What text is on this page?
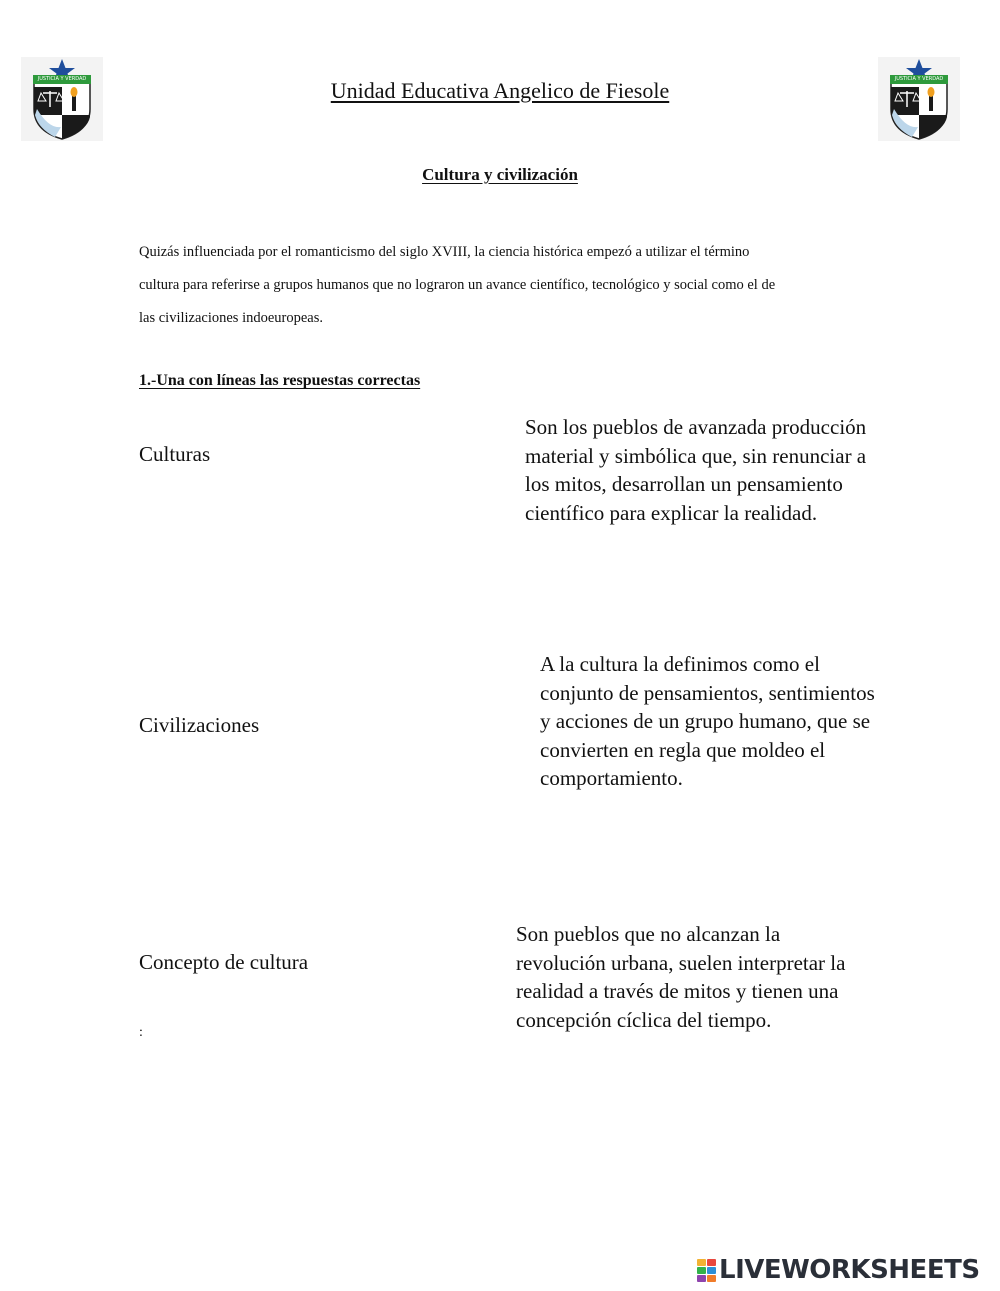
JUSTICIA Y VERDAD	JUSTICIA Y VERDAD
Unidad Educativa Angelico de Fiesole
Cultura y civilización
Quizás influenciada por el romanticismo del siglo XVIII, la ciencia histórica empezó a utilizar el término
cultura para referirse a grupos humanos que no lograron un avance científico, tecnológico y social como el de
las civilizaciones indoeuropeas.
1.-Una con líneas las respuestas correctas
Culturas
Civilizaciones
Concepto de cultura
Son los pueblos de avanzada producción
material y simbólica que, sin renunciar a
los mitos, desarrollan un pensamiento
científico para explicar la realidad.
A la cultura la definimos como el
conjunto de pensamientos, sentimientos
y acciones de un grupo humano, que se
convierten en regla que moldeo el
comportamiento.
Son pueblos que no alcanzan la
revolución urbana, suelen interpretar la
realidad a través de mitos y tienen una
concepción cíclica del tiempo.
:
LIVEWORKSHEETS
